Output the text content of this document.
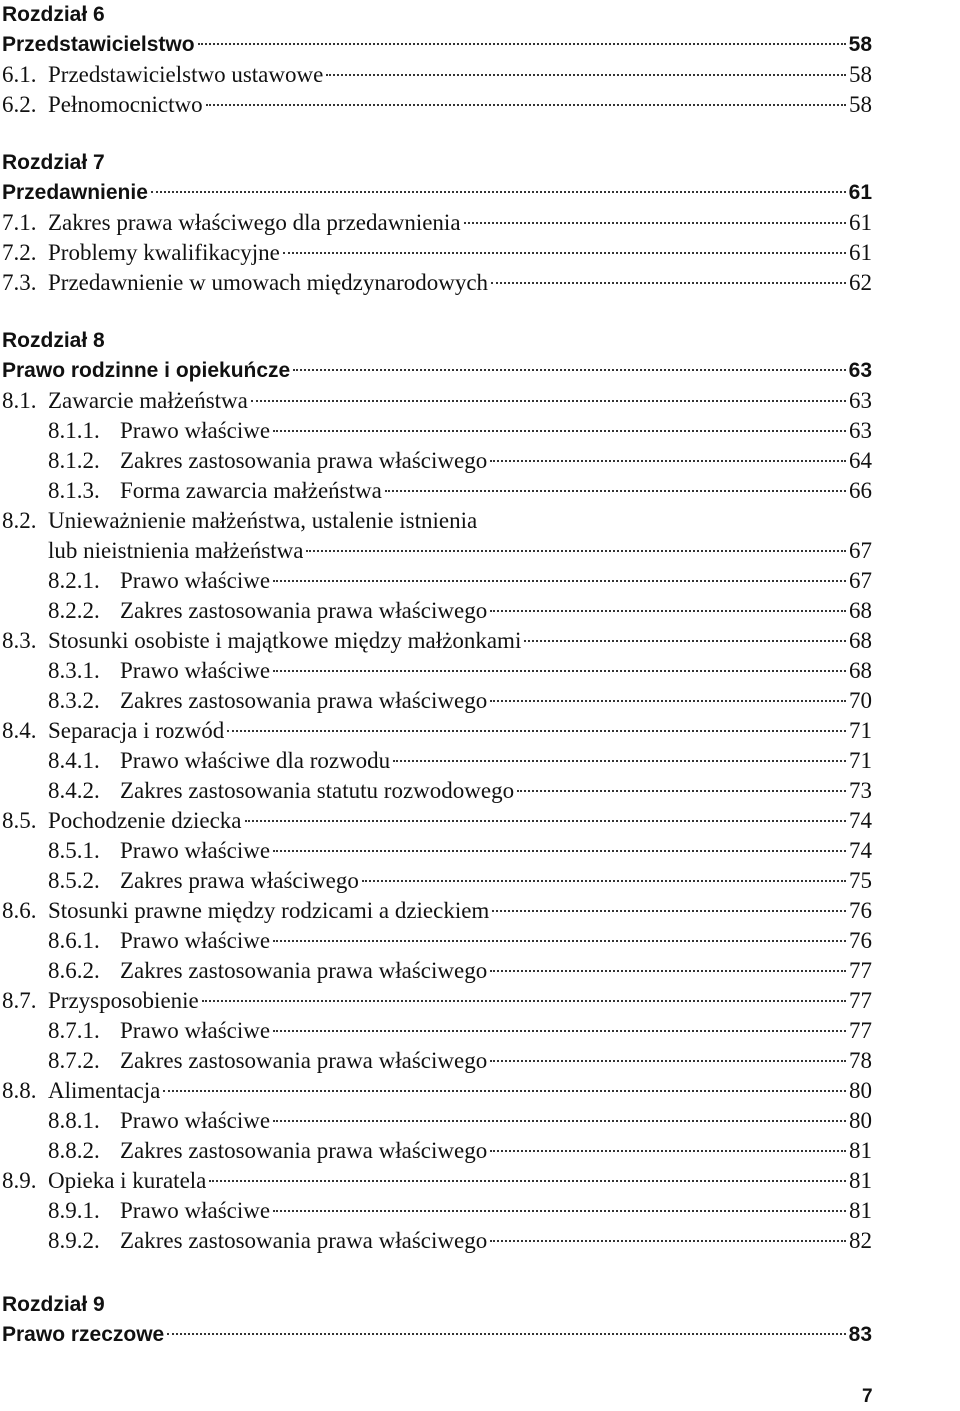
Rozdział 6
Przedstawicielstwo	58
6.1. Przedstawicielstwo ustawowe	58
6.2. Pełnomocnictwo	58
Rozdział 7
Przedawnienie	61
7.1. Zakres prawa właściwego dla przedawnienia	61
7.2. Problemy kwalifikacyjne	61
7.3. Przedawnienie w umowach międzynarodowych	62
Rozdział 8
Prawo rodzinne i opiekuńcze	63
8.1. Zawarcie małżeństwa	63
8.1.1. Prawo właściwe	63
8.1.2. Zakres zastosowania prawa właściwego	64
8.1.3. Forma zawarcia małżeństwa	66
8.2. Unieważnienie małżeństwa, ustalenie istnienia
lub nieistnienia małżeństwa	67
8.2.1. Prawo właściwe	67
8.2.2. Zakres zastosowania prawa właściwego	68
8.3. Stosunki osobiste i majątkowe między małżonkami	68
8.3.1. Prawo właściwe	68
8.3.2. Zakres zastosowania prawa właściwego	70
8.4. Separacja i rozwód	71
8.4.1. Prawo właściwe dla rozwodu	71
8.4.2. Zakres zastosowania statutu rozwodowego	73
8.5. Pochodzenie dziecka	74
8.5.1. Prawo właściwe	74
8.5.2. Zakres prawa właściwego	75
8.6. Stosunki prawne między rodzicami a dzieckiem	76
8.6.1. Prawo właściwe	76
8.6.2. Zakres zastosowania prawa właściwego	77
8.7. Przysposobienie	77
8.7.1. Prawo właściwe	77
8.7.2. Zakres zastosowania prawa właściwego	78
8.8. Alimentacja	80
8.8.1. Prawo właściwe	80
8.8.2. Zakres zastosowania prawa właściwego	81
8.9. Opieka i kuratela	81
8.9.1. Prawo właściwe	81
8.9.2. Zakres zastosowania prawa właściwego	82
Rozdział 9
Prawo rzeczowe	83
7
